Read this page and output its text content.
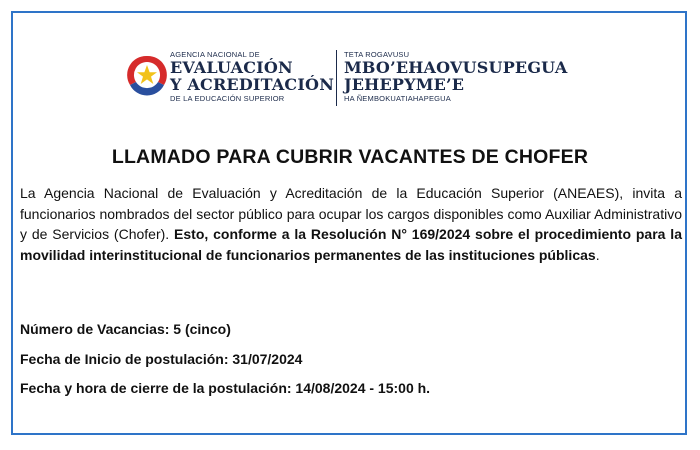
AGENCIA NACIONAL DE
EVALUACIÓN
Y ACREDITACIÓN
DE LA EDUCACIÓN SUPERIOR
TETA ROGAVUSU
MBO’EHAOVUSUPEGUA
JEHEPYME’E
HA ÑEMBOKUATIAHAPEGUA
LLAMADO PARA CUBRIR VACANTES DE CHOFER

La Agencia Nacional de Evaluación y Acreditación de la Educación Superior (ANEAES), invita a funcionarios nombrados del sector público para ocupar los cargos disponibles como Auxiliar Administrativo y de Servicios (Chofer). Esto, conforme a la Resolución N° 169/2024 sobre el procedimiento para la movilidad interinstitucional de funcionarios permanentes de las instituciones públicas.

Número de Vacancias: 5 (cinco)
Fecha de Inicio de postulación: 31/07/2024
Fecha y hora de cierre de la postulación: 14/08/2024 - 15:00 h.
